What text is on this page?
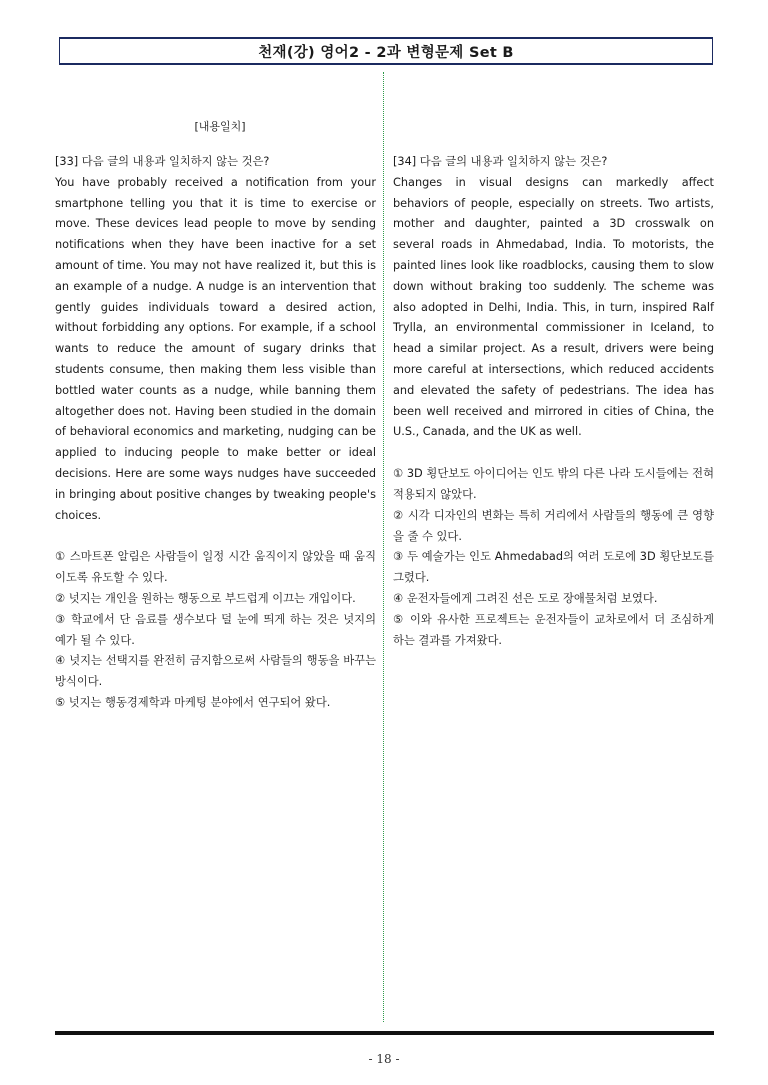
천재(강) 영어2 - 2과 변형문제 Set B
[내용일치]
[33] 다음 글의 내용과 일치하지 않는 것은?

You have probably received a notification from your smartphone telling you that it is time to exercise or move. These devices lead people to move by sending notifications when they have been inactive for a set amount of time. You may not have realized it, but this is an example of a nudge. A nudge is an intervention that gently guides individuals toward a desired action, without forbidding any options. For example, if a school wants to reduce the amount of sugary drinks that students consume, then making them less visible than bottled water counts as a nudge, while banning them altogether does not. Having been studied in the domain of behavioral economics and marketing, nudging can be applied to inducing people to make better or ideal decisions. Here are some ways nudges have succeeded in bringing about positive changes by tweaking people's choices.

① 스마트폰 알림은 사람들이 일정 시간 움직이지 않았을 때 움직이도록 유도할 수 있다.

② 넛지는 개인을 원하는 행동으로 부드럽게 이끄는 개입이다.

③ 학교에서 단 음료를 생수보다 덜 눈에 띄게 하는 것은 넛지의 예가 될 수 있다.

④ 넛지는 선택지를 완전히 금지함으로써 사람들의 행동을 바꾸는 방식이다.

⑤ 넛지는 행동경제학과 마케팅 분야에서 연구되어 왔다.

[34] 다음 글의 내용과 일치하지 않는 것은?

Changes in visual designs can markedly affect behaviors of people, especially on streets. Two artists, mother and daughter, painted a 3D crosswalk on several roads in Ahmedabad, India. To motorists, the painted lines look like roadblocks, causing them to slow down without braking too suddenly. The scheme was also adopted in Delhi, India. This, in turn, inspired Ralf Trylla, an environmental commissioner in Iceland, to head a similar project. As a result, drivers were being more careful at intersections, which reduced accidents and elevated the safety of pedestrians. The idea has been well received and mirrored in cities of China, the U.S., Canada, and the UK as well.

① 3D 횡단보도 아이디어는 인도 밖의 다른 나라 도시들에는 전혀 적용되지 않았다.

② 시각 디자인의 변화는 특히 거리에서 사람들의 행동에 큰 영향을 줄 수 있다.

③ 두 예술가는 인도 Ahmedabad의 여러 도로에 3D 횡단보도를 그렸다.

④ 운전자들에게 그려진 선은 도로 장애물처럼 보였다.

⑤ 이와 유사한 프로젝트는 운전자들이 교차로에서 더 조심하게 하는 결과를 가져왔다.

- 18 -
